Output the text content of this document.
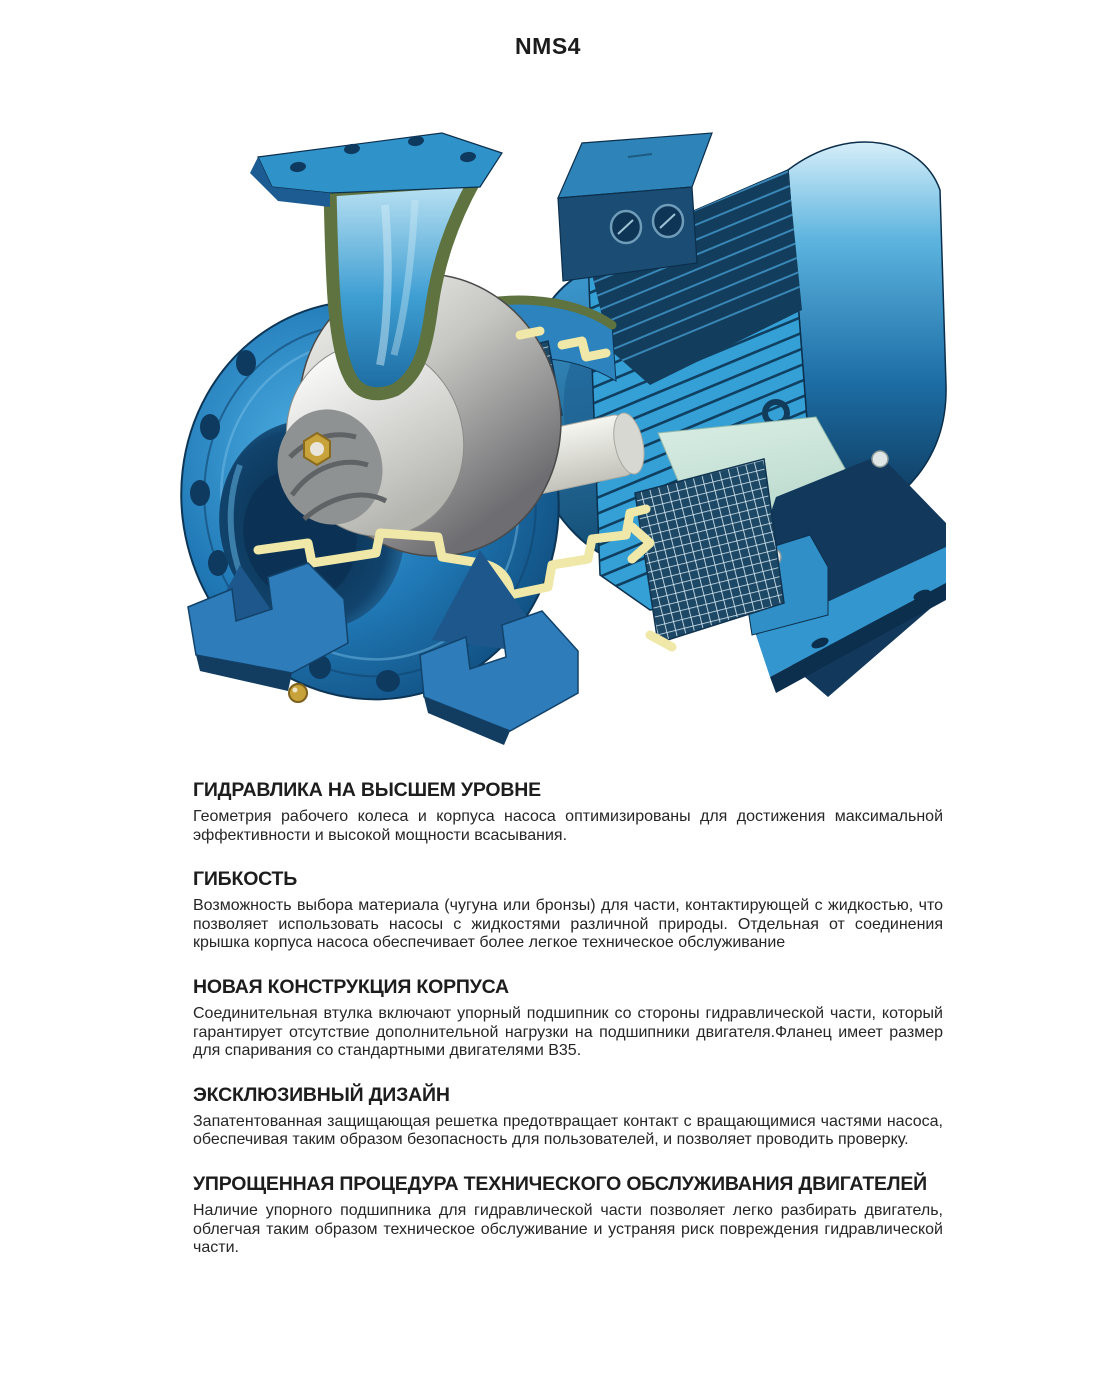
NMS4
ГИДРАВЛИКА НА ВЫСШЕМ УРОВНЕ

Геометрия рабочего колеса и корпуса насоса оптимизированы для достижения максимальной эффективности и высокой мощности всасывания.

ГИБКОСТЬ

Возможность выбора материала (чугуна или бронзы) для части, контактирующей с жидкостью, что позволяет использовать насосы с жидкостями различной природы. Отдельная от соединения крышка корпуса насоса обеспечивает более легкое техническое обслуживание

НОВАЯ КОНСТРУКЦИЯ КОРПУСА

Соединительная втулка включают упорный подшипник со стороны гидравлической части, который гарантирует отсутствие дополнительной нагрузки на подшипники двигателя.Фланец имеет размер для спаривания со стандартными двигателями В35.

ЭКСКЛЮЗИВНЫЙ ДИЗАЙН

Запатентованная защищающая решетка предотвращает контакт с вращающимися частями насоса, обеспечивая таким образом безопасность для пользователей, и позволяет проводить проверку.

УПРОЩЕННАЯ ПРОЦЕДУРА ТЕХНИЧЕСКОГО ОБСЛУЖИВАНИЯ ДВИГАТЕЛЕЙ

Наличие упорного подшипника для гидравлической части позволяет легко разбирать двигатель, облегчая таким образом техническое обслуживание и устраняя риск повреждения гидравлической части.
